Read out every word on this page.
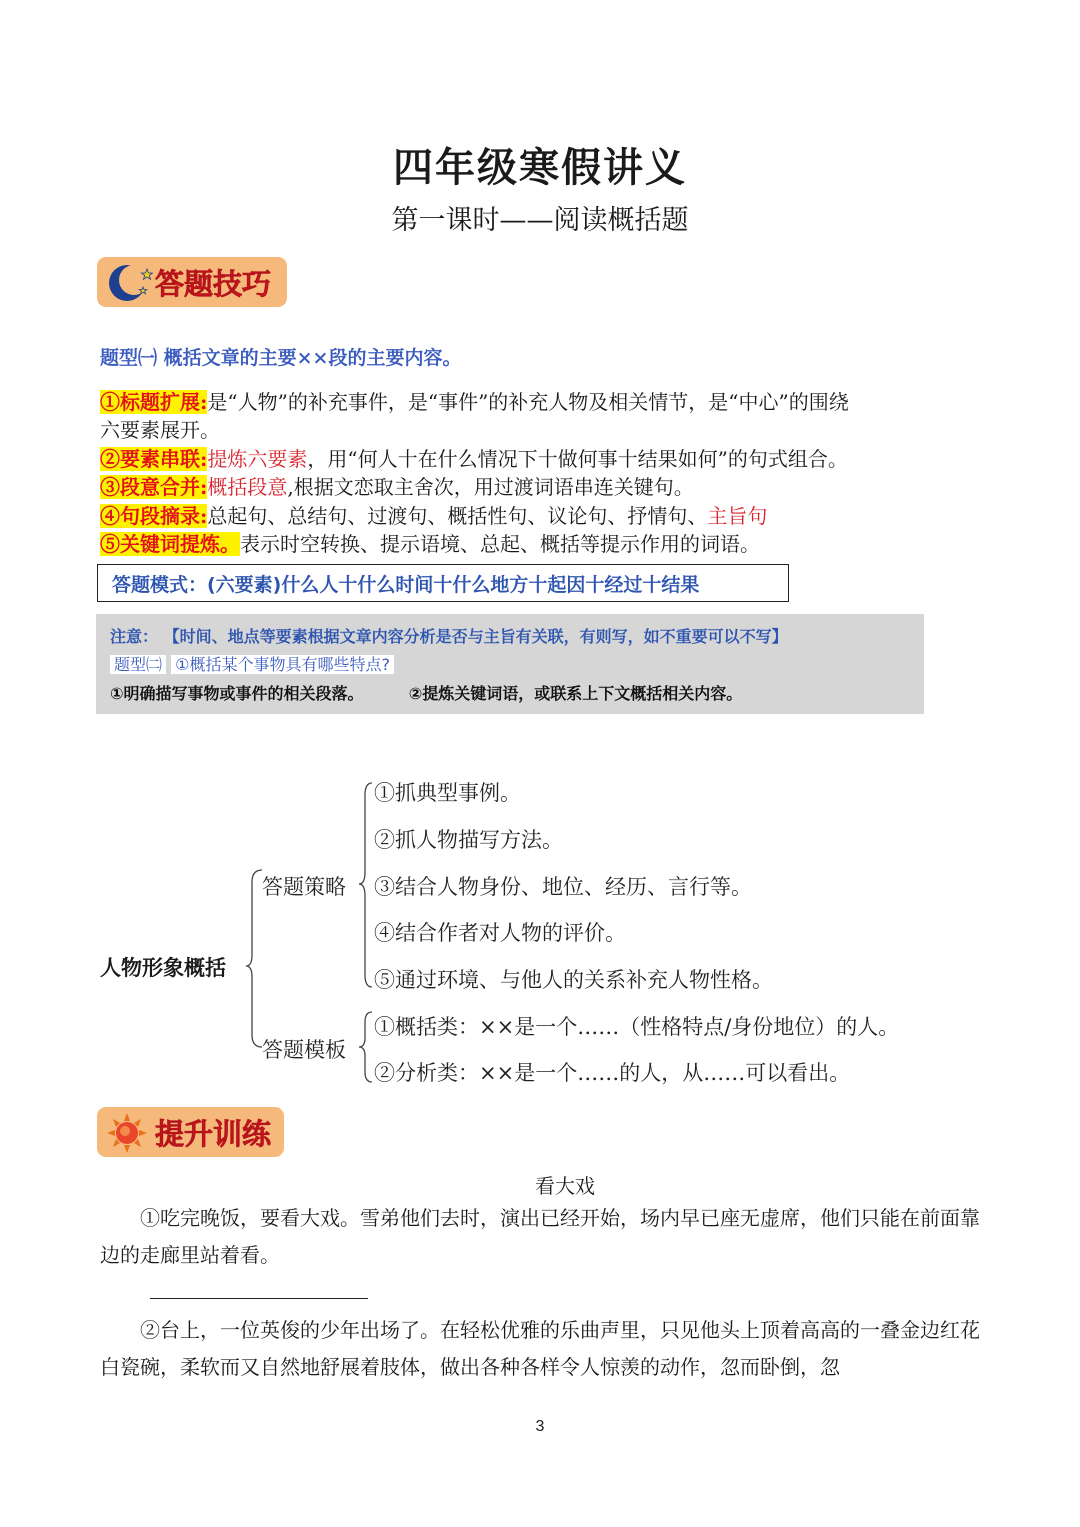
四年级寒假讲义
第一课时——阅读概括题
答题技巧
题型㈠ 概括文章的主要××段的主要内容。
①标题扩展:是“人物”的补充事件，是“事件”的补充人物及相关情节，是“中心”的围绕
六要素展开。
②要素串联:提炼六要素，用“何人十在什么情况下十做何事十结果如何”的句式组合。
③段意合并:概括段意,根据文恋取主舍次，用过渡词语串连关键句。
④句段摘录:总起句、总结句、过渡句、概括性句、议论句、抒情句、主旨句
⑤关键词提炼。表示时空转换、提示语境、总起、概括等提示作用的词语。
答题模式：(六要素)什么人十什么时间十什么地方十起因十经过十结果
注意： 【时间、地点等要素根据文章内容分析是否与主旨有关联，有则写，如不重要可以不写】
题型㈡ ①概括某个事物具有哪些特点?
①明确描写事物或事件的相关段落。	②提炼关键词语，或联系上下文概括相关内容。
人物形象概括
答题策略
答题模板
①抓典型事例。
②抓人物描写方法。
③结合人物身份、地位、经历、言行等。
④结合作者对人物的评价。
⑤通过环境、与他人的关系补充人物性格。
①概括类：××是一个……（性格特点/身份地位）的人。
②分析类：××是一个……的人，从……可以看出。
提升训练
看大戏
①吃完晚饭，要看大戏。雪弟他们去时，演出已经开始，场内早已座无虚席，他们只能在前面靠边的走廊里站着看。
②台上，一位英俊的少年出场了。在轻松优雅的乐曲声里，只见他头上顶着高高的一叠金边红花白瓷碗，柔软而又自然地舒展着肢体，做出各种各样令人惊羡的动作，忽而卧倒，忽
3
